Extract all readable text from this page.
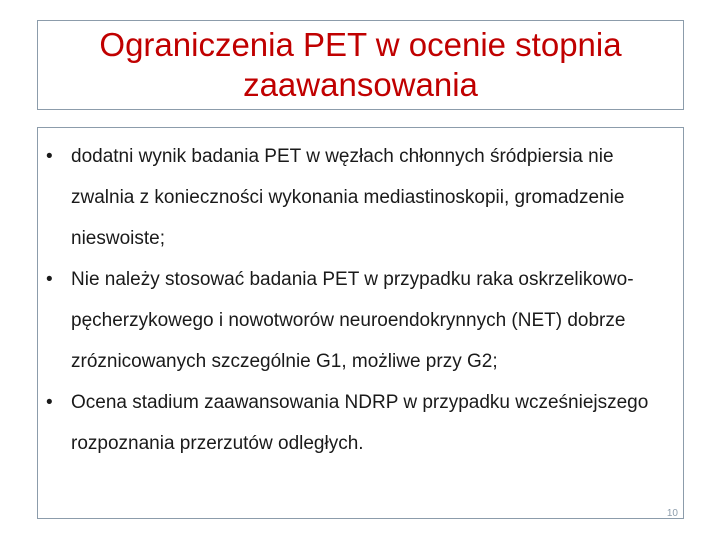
Ograniczenia PET w ocenie stopnia zaawansowania
• dodatni wynik badania PET w węzłach chłonnych śródpiersia nie zwalnia z konieczności wykonania mediastinoskopii, gromadzenie nieswoiste;
• Nie należy stosować badania PET w przypadku raka oskrzelikowo-pęcherzykowego i nowotworów neuroendokrynnych (NET) dobrze zróznicowanych szczególnie G1, możliwe przy G2;
• Ocena stadium zaawansowania NDRP w przypadku wcześniejszego rozpoznania przerzutów odległych.
10
